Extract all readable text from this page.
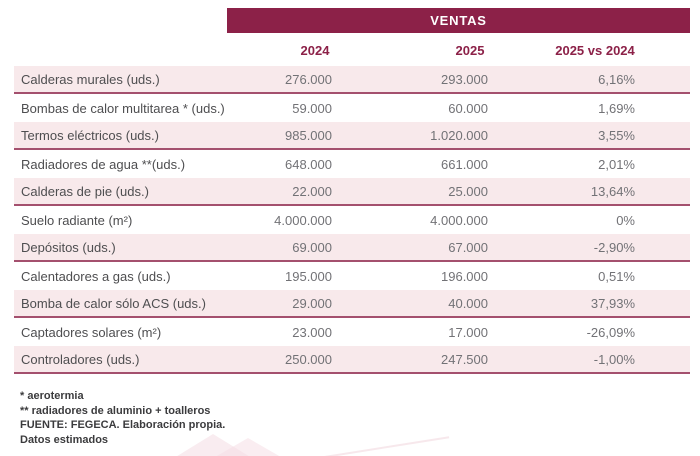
VENTAS
2024	2025	2025 vs 2024
Calderas murales (uds.)	276.000	293.000	6,16%
Bombas de calor multitarea * (uds.)	59.000	60.000	1,69%
Termos eléctricos (uds.)	985.000	1.020.000	3,55%
Radiadores de agua **(uds.)	648.000	661.000	2,01%
Calderas de pie (uds.)	22.000	25.000	13,64%
Suelo radiante (m²)	4.000.000	4.000.000	0%
Depósitos (uds.)	69.000	67.000	-2,90%
Calentadores a gas (uds.)	195.000	196.000	0,51%
Bomba de calor sólo ACS (uds.)	29.000	40.000	37,93%
Captadores solares (m²)	23.000	17.000	-26,09%
Controladores (uds.)	250.000	247.500	-1,00%
* aerotermia
** radiadores de aluminio + toalleros
FUENTE: FEGECA. Elaboración propia.
Datos estimados
